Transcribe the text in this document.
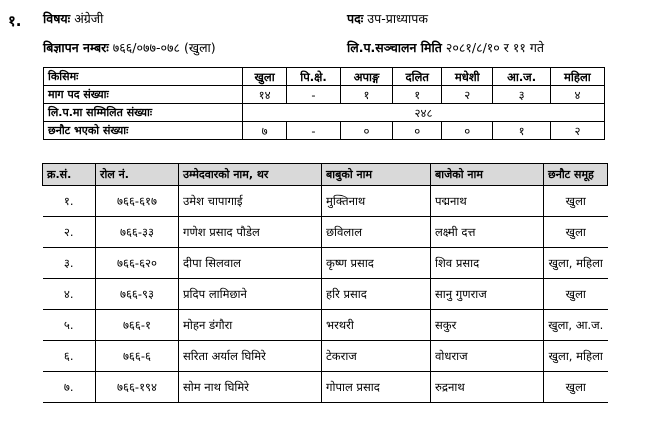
१. विषयः अंग्रेजी	पदः उप-प्राध्यापक
बिज्ञापन नम्बरः ७६६/०७७-०७८ (खुला)	लि.प.सञ्चालन मिति २०८१/८/१० र ११ गते
किसिमः	खुला	पि.क्षे.	अपाङ्ग	दलित	मधेशी	आ.ज.	महिला
माग पद संख्याः	१४	-	१	१	२	३	४
लि.प.मा सम्मिलित संख्याः	२४८						
छनौट भएको संख्याः	७	-	०	०	०	१	२
क्र.सं.	रोल नं.	उम्मेदवारको नाम, थर	बाबुको नाम	बाजेको नाम	छनौट समूह
१.	७६६-६१७	उमेश चापागाई	मुक्तिनाथ	पद्मनाथ	खुला
२.	७६६-३३	गणेश प्रसाद पौडेल	छविलाल	लक्ष्मी दत्त	खुला
३.	७६६-६२०	दीपा सिलवाल	कृष्ण प्रसाद	शिव प्रसाद	खुला, महिला
४.	७६६-९३	प्रदिप लामिछाने	हरि प्रसाद	सानु गुणराज	खुला
५.	७६६-१	मोहन डंगौरा	भरथरी	सकुर	खुला, आ.ज.
६.	७६६-६	सरिता अर्याल घिमिरे	टेकराज	वोधराज	खुला, महिला
७.	७६६-१९४	सोम नाथ घिमिरे	गोपाल प्रसाद	रुद्रनाथ	खुला
